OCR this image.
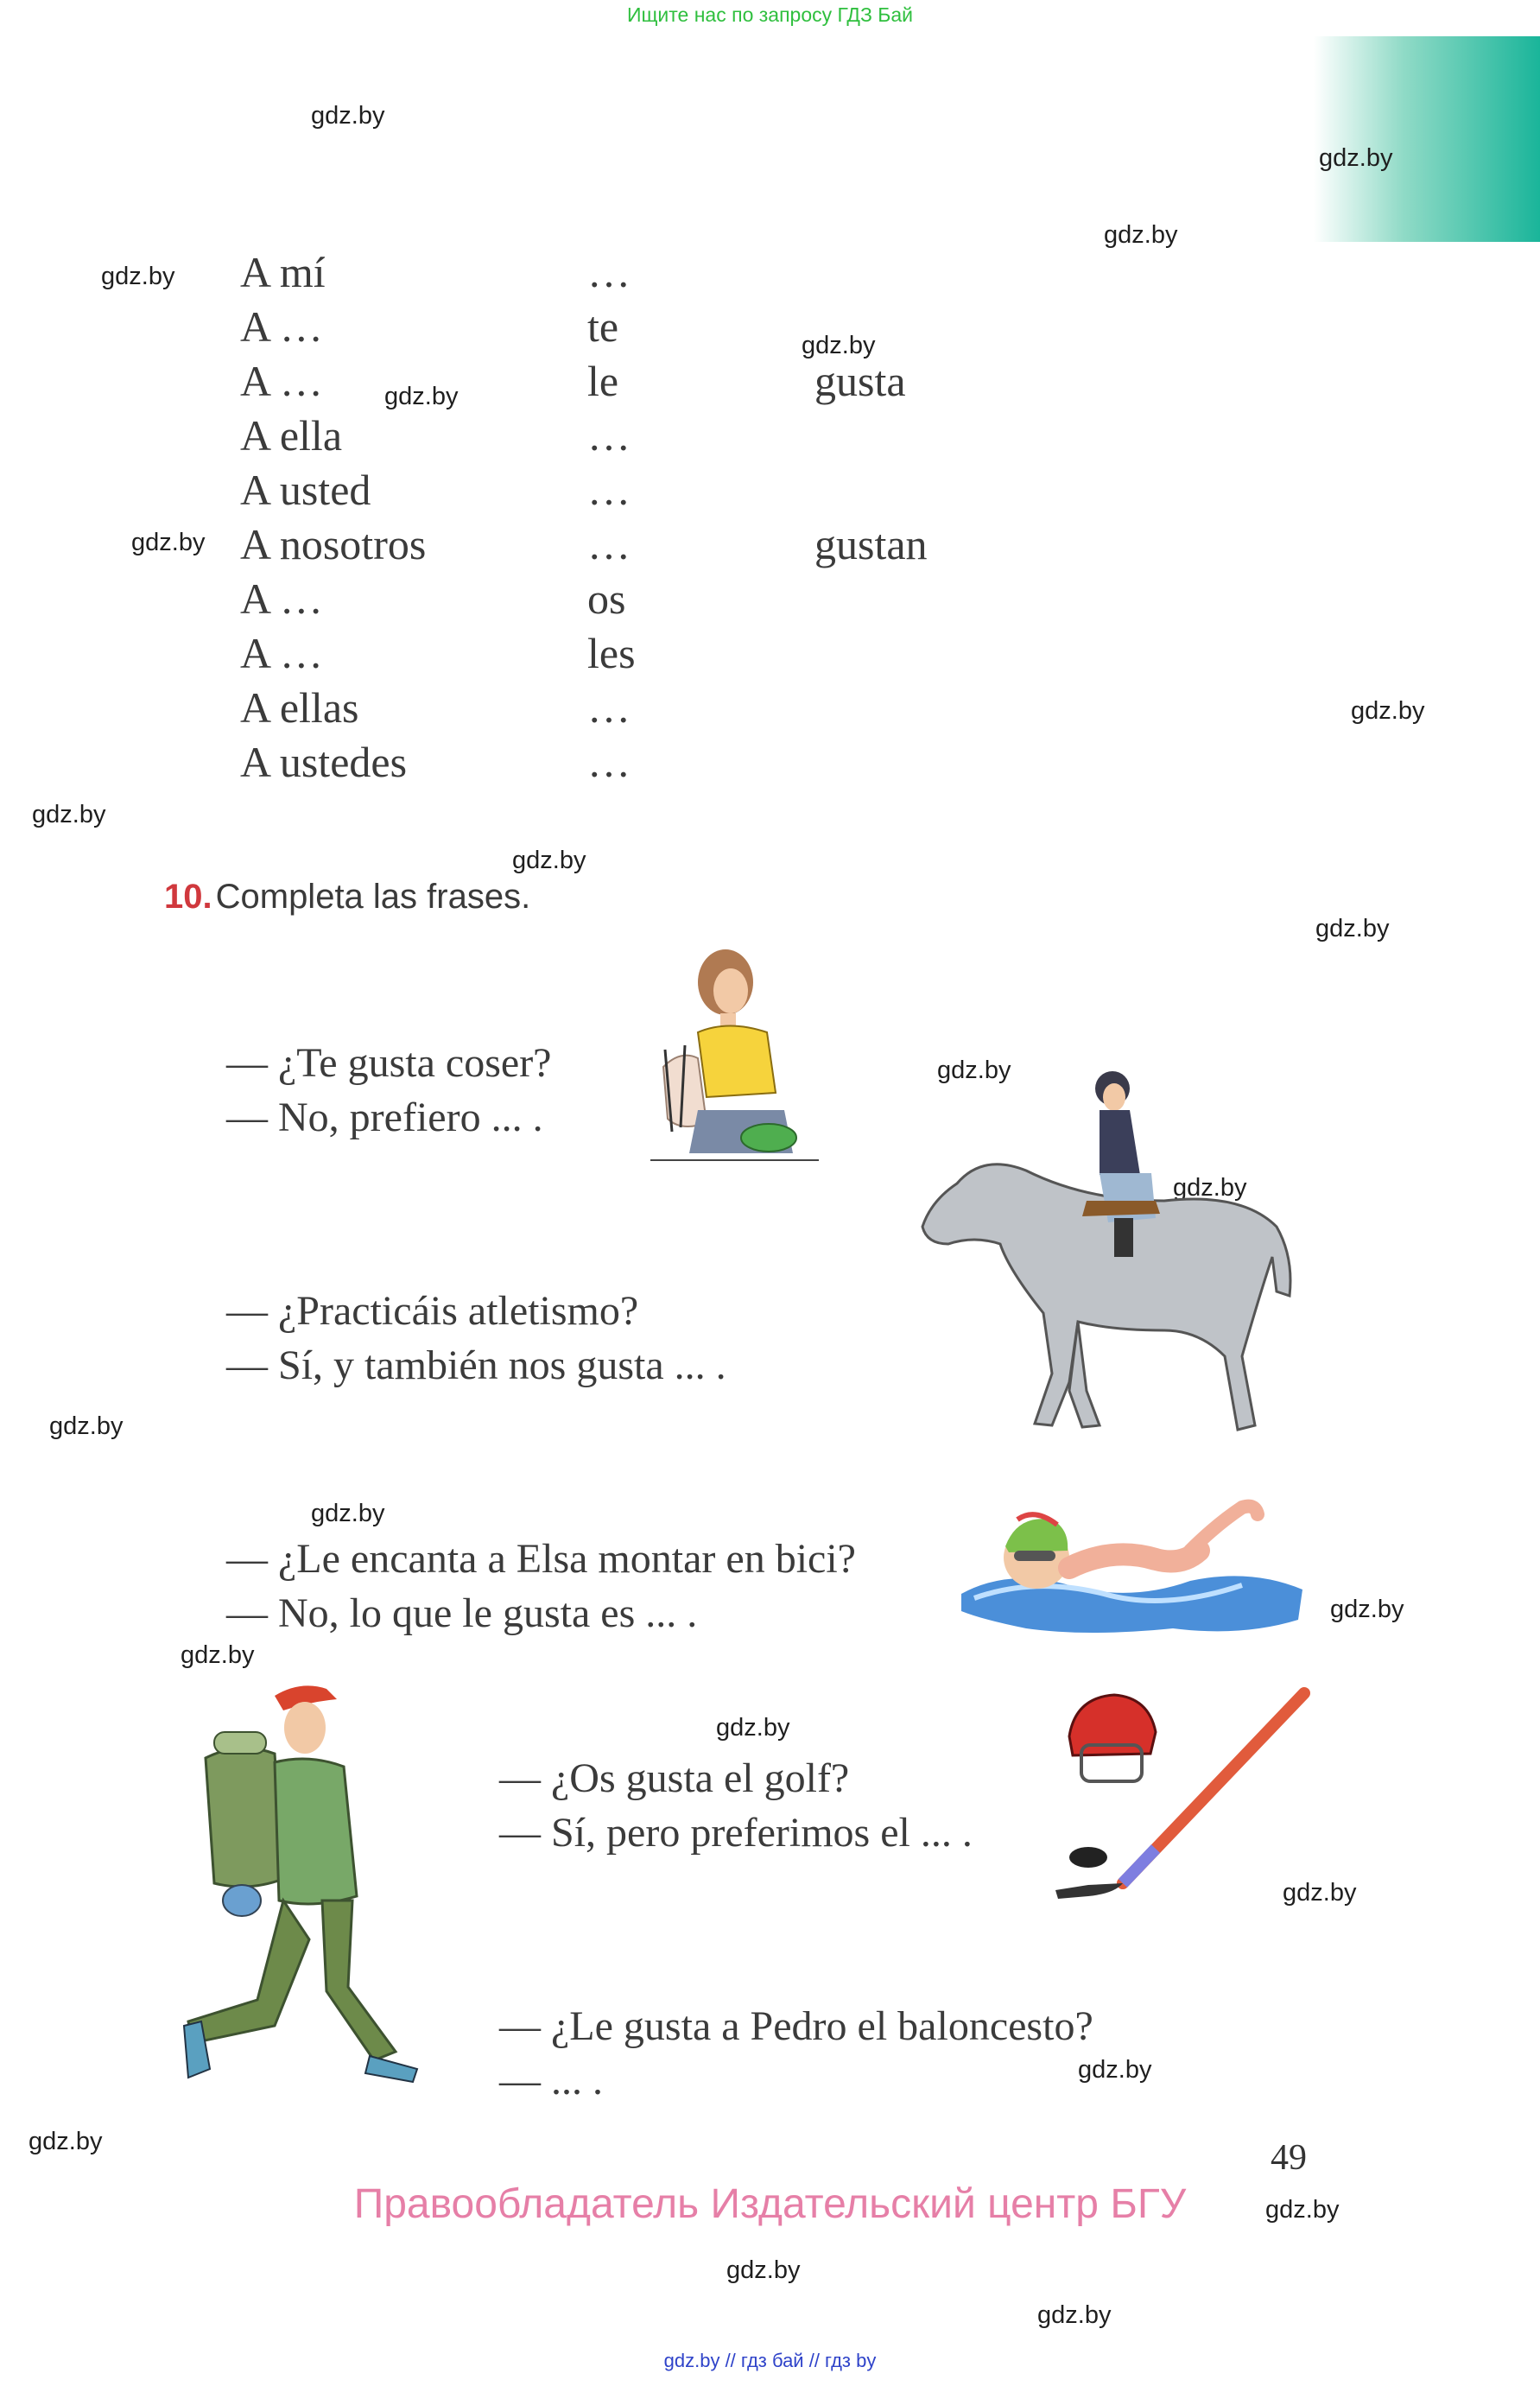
Ищите нас по запросу ГДЗ Бай
gdz.by
gdz.by
gdz.by
gdz.by
gdz.by
gdz.by
gdz.by
gdz.by
gdz.by
gdz.by
gdz.by
gdz.by
gdz.by
gdz.by
gdz.by
gdz.by
gdz.by
gdz.by
gdz.by
gdz.by
gdz.by
gdz.by
gdz.by
gdz.by
A mí
A …
A …
A ella
A usted
A nosotros
A …
A …
A ellas
A ustedes
…
te
le
…
…
…
os
les
…
…
gusta
gustan
10. Completa las frases.
— ¿Te gusta coser?
— No, prefiero ... .
— ¿Practicáis atletismo?
— Sí, y también nos gusta ... .
— ¿Le encanta a Elsa montar en bici?
— No, lo que le gusta es ... .
— ¿Os gusta el golf?
— Sí, pero preferimos el ... .
— ¿Le gusta a Pedro el baloncesto?
— ... .
49
Правообладатель Издательский центр БГУ
gdz.by // гдз бай // гдз by
